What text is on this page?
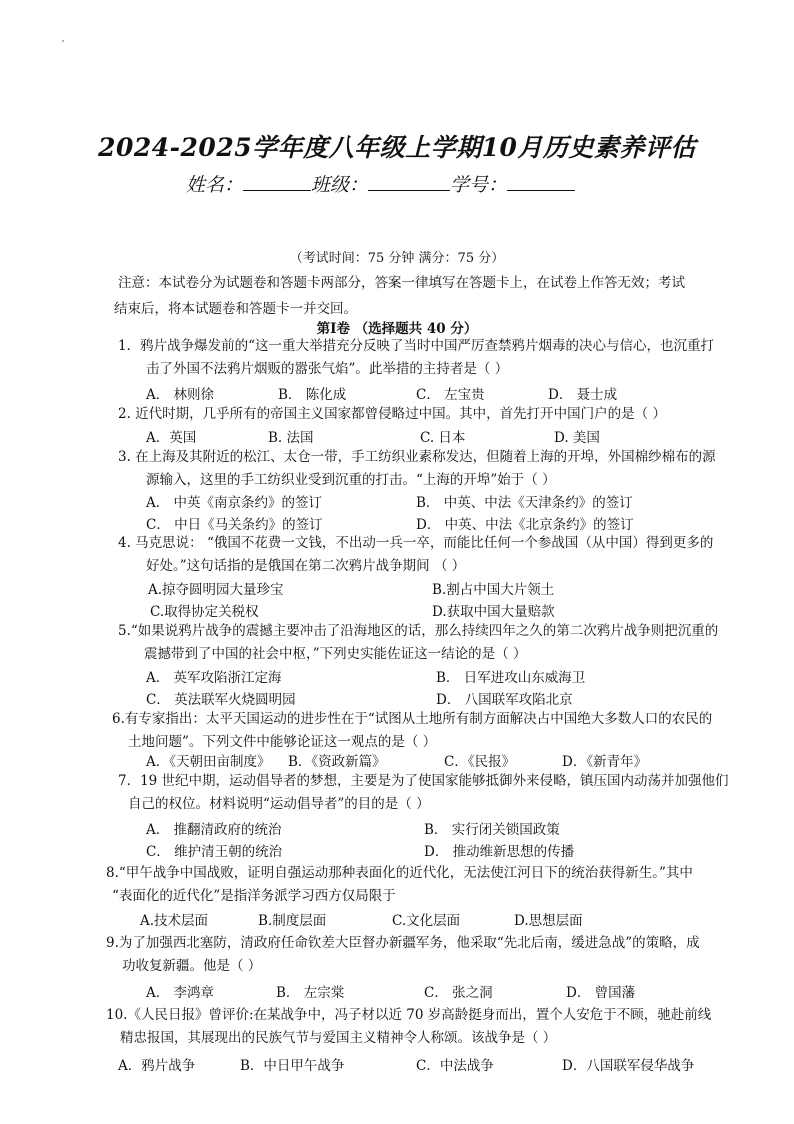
2024-2025学年度八年级上学期10月历史素养评估
姓名：	班级：	学号：
（考试时间：75 分钟 满分：75 分）
注意：本试卷分为试题卷和答题卡两部分，答案一律填写在答题卡上，在试卷上作答无效；考试
结束后，将本试题卷和答题卡一并交回。
第Ⅰ卷 （选择题共 40 分）
1．鸦片战争爆发前的“这一重大举措充分反映了当时中国严厉查禁鸦片烟毒的决心与信心，也沉重打
击了外国不法鸦片烟贩的嚣张气焰”。此举措的主持者是（ ）
A． 林则徐	B． 陈化成	C． 左宝贵	D． 聂士成
2. 近代时期，几乎所有的帝国主义国家都曾侵略过中国。其中，首先打开中国门户的是（ ）
A．英国	B. 法国	C. 日本	D. 美国
3. 在上海及其附近的松江、太仓一带，手工纺织业素称发达，但随着上海的开埠，外国棉纱棉布的源
源输入，这里的手工纺织业受到沉重的打击。“上海的开埠”始于（ ）
A． 中英《南京条约》的签订	B． 中英、中法《天津条约》的签订
C． 中日《马关条约》的签订	D． 中英、中法《北京条约》的签订
4. 马克思说： “俄国不花费一文钱，不出动一兵一卒，而能比任何一个参战国（从中国）得到更多的
好处。”这句话指的是俄国在第二次鸦片战争期间 （ ）
A.掠夺圆明园大量珍宝	B.割占中国大片领土
C.取得协定关税权	D.获取中国大量赔款
5.“如果说鸦片战争的震撼主要冲击了沿海地区的话，那么持续四年之久的第二次鸦片战争则把沉重的
震撼带到了中国的社会中枢，”下列史实能佐证这一结论的是（ ）
A． 英军攻陷浙江定海	B． 日军进攻山东威海卫
C． 英法联军火烧圆明园	D． 八国联军攻陷北京
6.有专家指出：太平天国运动的进步性在于“试图从土地所有制方面解决占中国绝大多数人口的农民的
土地问题”。下列文件中能够论证这一观点的是（ ）
A．《天朝田亩制度》 B．《资政新篇》	C．《民报》	D．《新青年》
7．19 世纪中期，运动倡导者的梦想，主要是为了使国家能够抵御外来侵略，镇压国内动荡并加强他们
自己的权位。材料说明“运动倡导者”的目的是（ ）
A． 推翻清政府的统治	B． 实行闭关锁国政策
C． 维护清王朝的统治	D． 推动维新思想的传播
8.“甲午战争中国战败，证明自强运动那种表面化的近代化，无法使江河日下的统治获得新生。”其中
“表面化的近代化”是指洋务派学习西方仅局限于
A.技术层面	B.制度层面	C.文化层面	D.思想层面
9.为了加强西北塞防，清政府任命钦差大臣督办新疆军务，他采取“先北后南，缓进急战”的策略，成
功收复新疆。他是（ ）
A． 李鸿章	B． 左宗棠	C． 张之洞	D． 曾国藩
10.《人民日报》曾评价:在某战争中，冯子材以近 70 岁高龄挺身而出，置个人安危于不顾，驰赴前线
精忠报国，其展现出的民族气节与爱国主义精神令人称颂。该战争是（ ）
A．鸦片战争	B．中日甲午战争	C．中法战争	D．八国联军侵华战争
